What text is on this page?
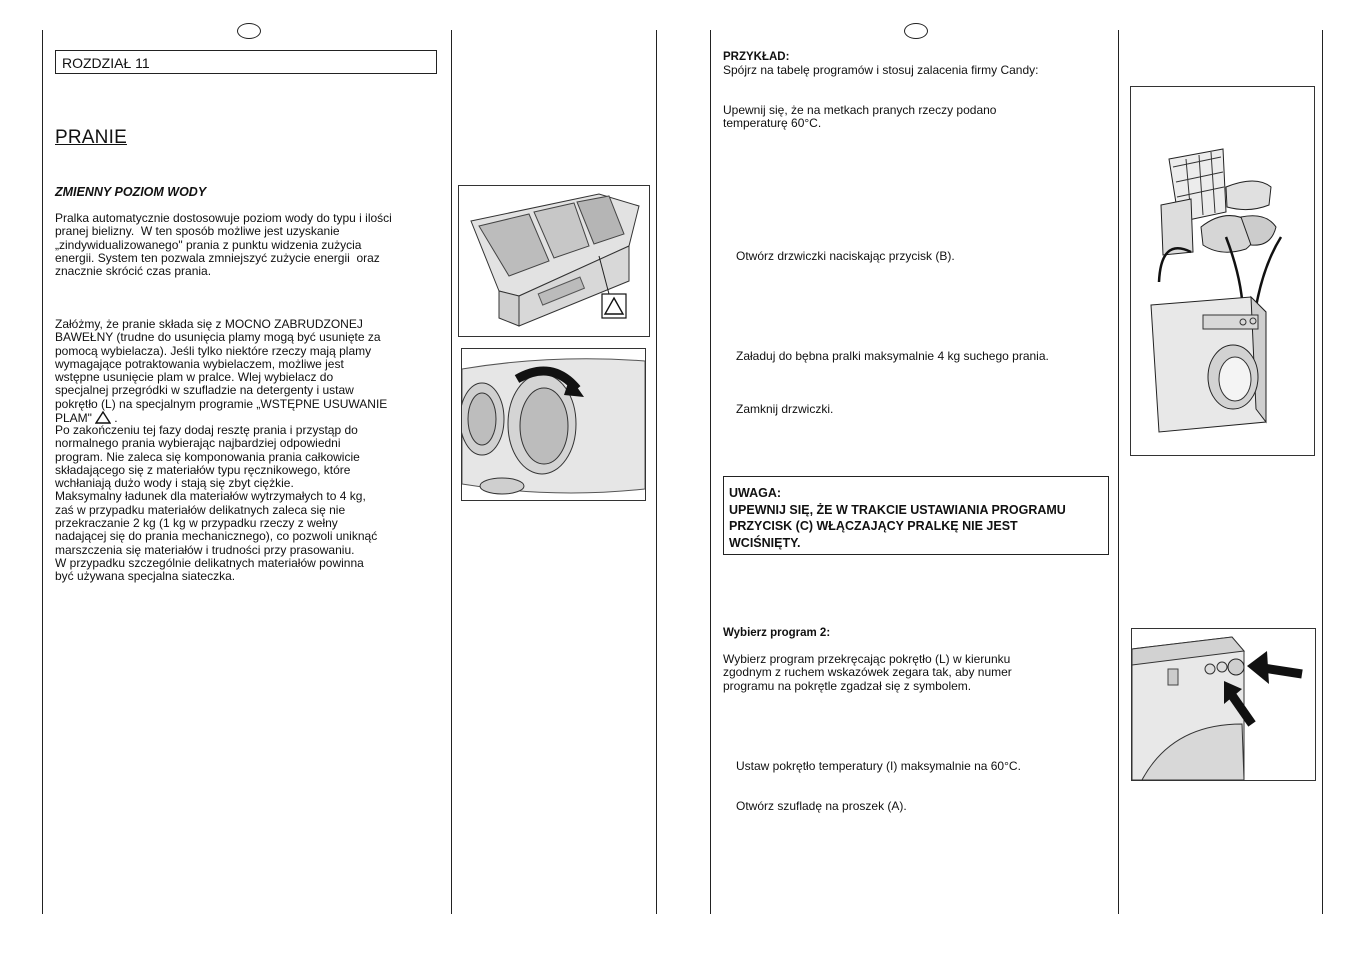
ROZDZIAŁ 11
PRANIE
ZMIENNY POZIOM WODY
Pralka automatycznie dostosowuje poziom wody do typu i ilości
pranej bielizny.  W ten sposób możliwe jest uzyskanie
„zindywidualizowanego" prania z punktu widzenia zużycia
energii. System ten pozwala zmniejszyć zużycie energii  oraz
znacznie skrócić czas prania.
Załóżmy, że pranie składa się z MOCNO ZABRUDZONEJ
BAWEŁNY (trudne do usunięcia plamy mogą być usunięte za
pomocą wybielacza). Jeśli tylko niektóre rzeczy mają plamy
wymagające potraktowania wybielaczem, możliwe jest
wstępne usunięcie plam w pralce. Wlej wybielacz do
specjalnej przegródki w szufladzie na detergenty i ustaw
pokrętło (L) na specjalnym programie „WSTĘPNE USUWANIE
PLAM" .
Po zakończeniu tej fazy dodaj resztę prania i przystąp do
normalnego prania wybierając najbardziej odpowiedni
program. Nie zaleca się komponowania prania całkowicie
składającego się z materiałów typu ręcznikowego, które
wchłaniają dużo wody i stają się zbyt ciężkie.
Maksymalny ładunek dla materiałów wytrzymałych to 4 kg,
zaś w przypadku materiałów delikatnych zaleca się nie
przekraczanie 2 kg (1 kg w przypadku rzeczy z wełny
nadającej się do prania mechanicznego), co pozwoli uniknąć
marszczenia się materiałów i trudności przy prasowaniu.
W przypadku szczególnie delikatnych materiałów powinna
być używana specjalna siateczka.
PRZYKŁAD:
Spójrz na tabelę programów i stosuj zalacenia firmy Candy:
Upewnij się, że na metkach pranych rzeczy podano
temperaturę 60°C.
Otwórz drzwiczki naciskając przycisk (B).
Załaduj do bębna pralki maksymalnie 4 kg suchego prania.
Zamknij drzwiczki.
UWAGA:
UPEWNIJ SIĘ, ŻE W TRAKCIE USTAWIANIA PROGRAMU
PRZYCISK (C) WŁĄCZAJĄCY PRALKĘ NIE JEST
WCIŚNIĘTY.
Wybierz program 2:
Wybierz program przekręcając pokrętło (L) w kierunku
zgodnym z ruchem wskazówek zegara tak, aby numer
programu na pokrętle zgadzał się z symbolem.
Ustaw pokrętło temperatury (I) maksymalnie na 60°C.
Otwórz szufladę na proszek (A).
